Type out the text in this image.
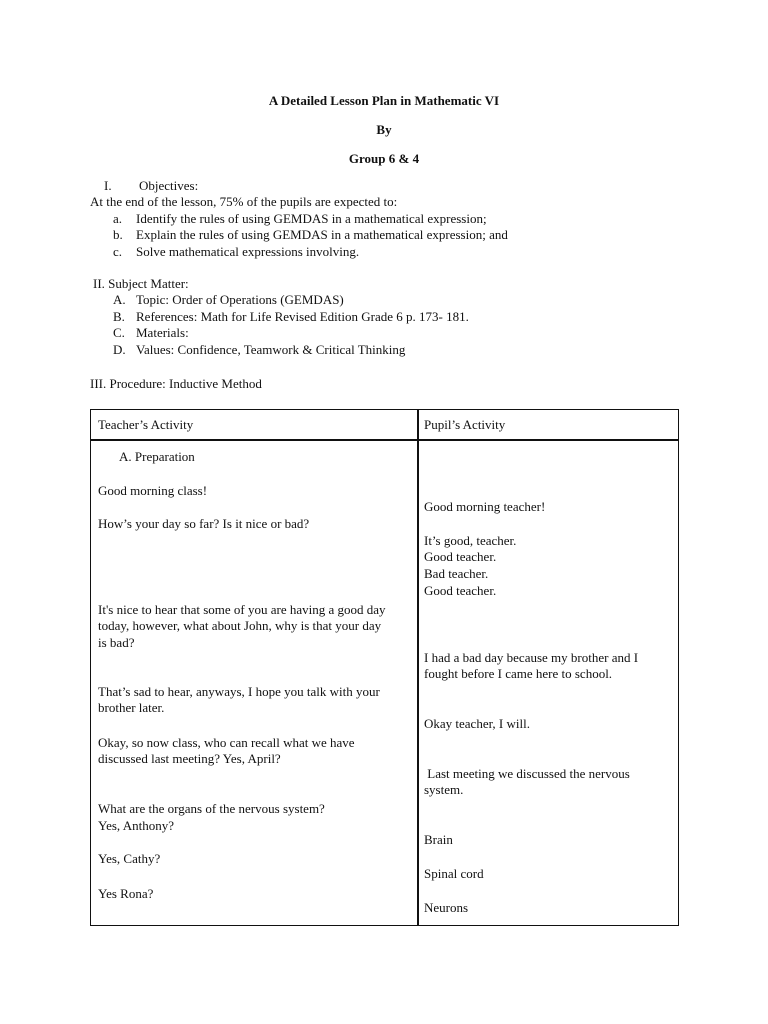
A Detailed Lesson Plan in Mathematic VI
By
Group 6 & 4
I. Objectives:
At the end of the lesson, 75% of the pupils are expected to:
a. Identify the rules of using GEMDAS in a mathematical expression;
b. Explain the rules of using GEMDAS in a mathematical expression; and
c. Solve mathematical expressions involving.
II. Subject Matter:
A. Topic: Order of Operations (GEMDAS)
B. References: Math for Life Revised Edition Grade 6 p. 173- 181.
C. Materials:
D. Values: Confidence, Teamwork & Critical Thinking
III. Procedure: Inductive Method
Teacher’s Activity	Pupil’s Activity
A. Preparation
Good morning class!
How’s your day so far? Is it nice or bad?
It's nice to hear that some of you are having a good day
today, however, what about John, why is that your day
is bad?
That’s sad to hear, anyways, I hope you talk with your
brother later.
Okay, so now class, who can recall what we have
discussed last meeting? Yes, April?
What are the organs of the nervous system?
Yes, Anthony?
Yes, Cathy?
Yes Rona?
Good morning teacher!
It’s good, teacher.
Good teacher.
Bad teacher.
Good teacher.
I had a bad day because my brother and I
fought before I came here to school.
Okay teacher, I will.
Last meeting we discussed the nervous
system.
Brain
Spinal cord
Neurons
